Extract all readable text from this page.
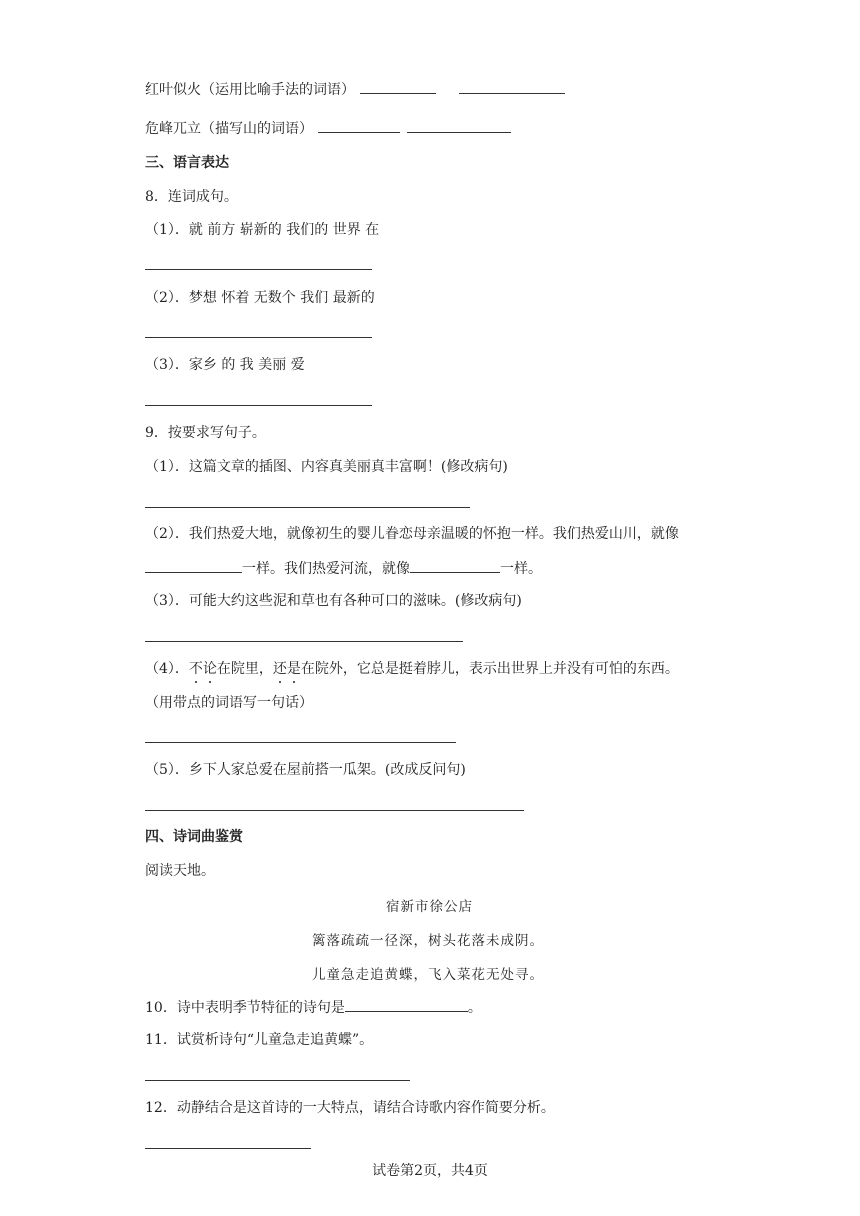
红叶似火（运用比喻手法的词语）
危峰兀立（描写山的词语）
三、语言表达
8．连词成句。
（1）．就 前方 崭新的 我们的 世界 在
（2）．梦想 怀着 无数个 我们 最新的
（3）．家乡 的 我 美丽 爱
9．按要求写句子。
（1）．这篇文章的插图、内容真美丽真丰富啊！(修改病句)
（2）．我们热爱大地，就像初生的婴儿眷恋母亲温暖的怀抱一样。我们热爱山川，就像
一样。我们热爱河流，就像	一样。
（3）．可能大约这些泥和草也有各种可口的滋味。(修改病句)
（4）．不论在院里，还是在院外，它总是挺着脖儿，表示出世界上并没有可怕的东西。
（用带点的词语写一句话）
（5）．乡下人家总爱在屋前搭一瓜架。(改成反问句)
四、诗词曲鉴赏
阅读天地。
宿新市徐公店
篱落疏疏一径深，树头花落未成阴。
儿童急走追黄蝶，飞入菜花无处寻。
10．诗中表明季节特征的诗句是	。
11．试赏析诗句“儿童急走追黄蝶”。
12．动静结合是这首诗的一大特点，请结合诗歌内容作简要分析。
试卷第2页，共4页
